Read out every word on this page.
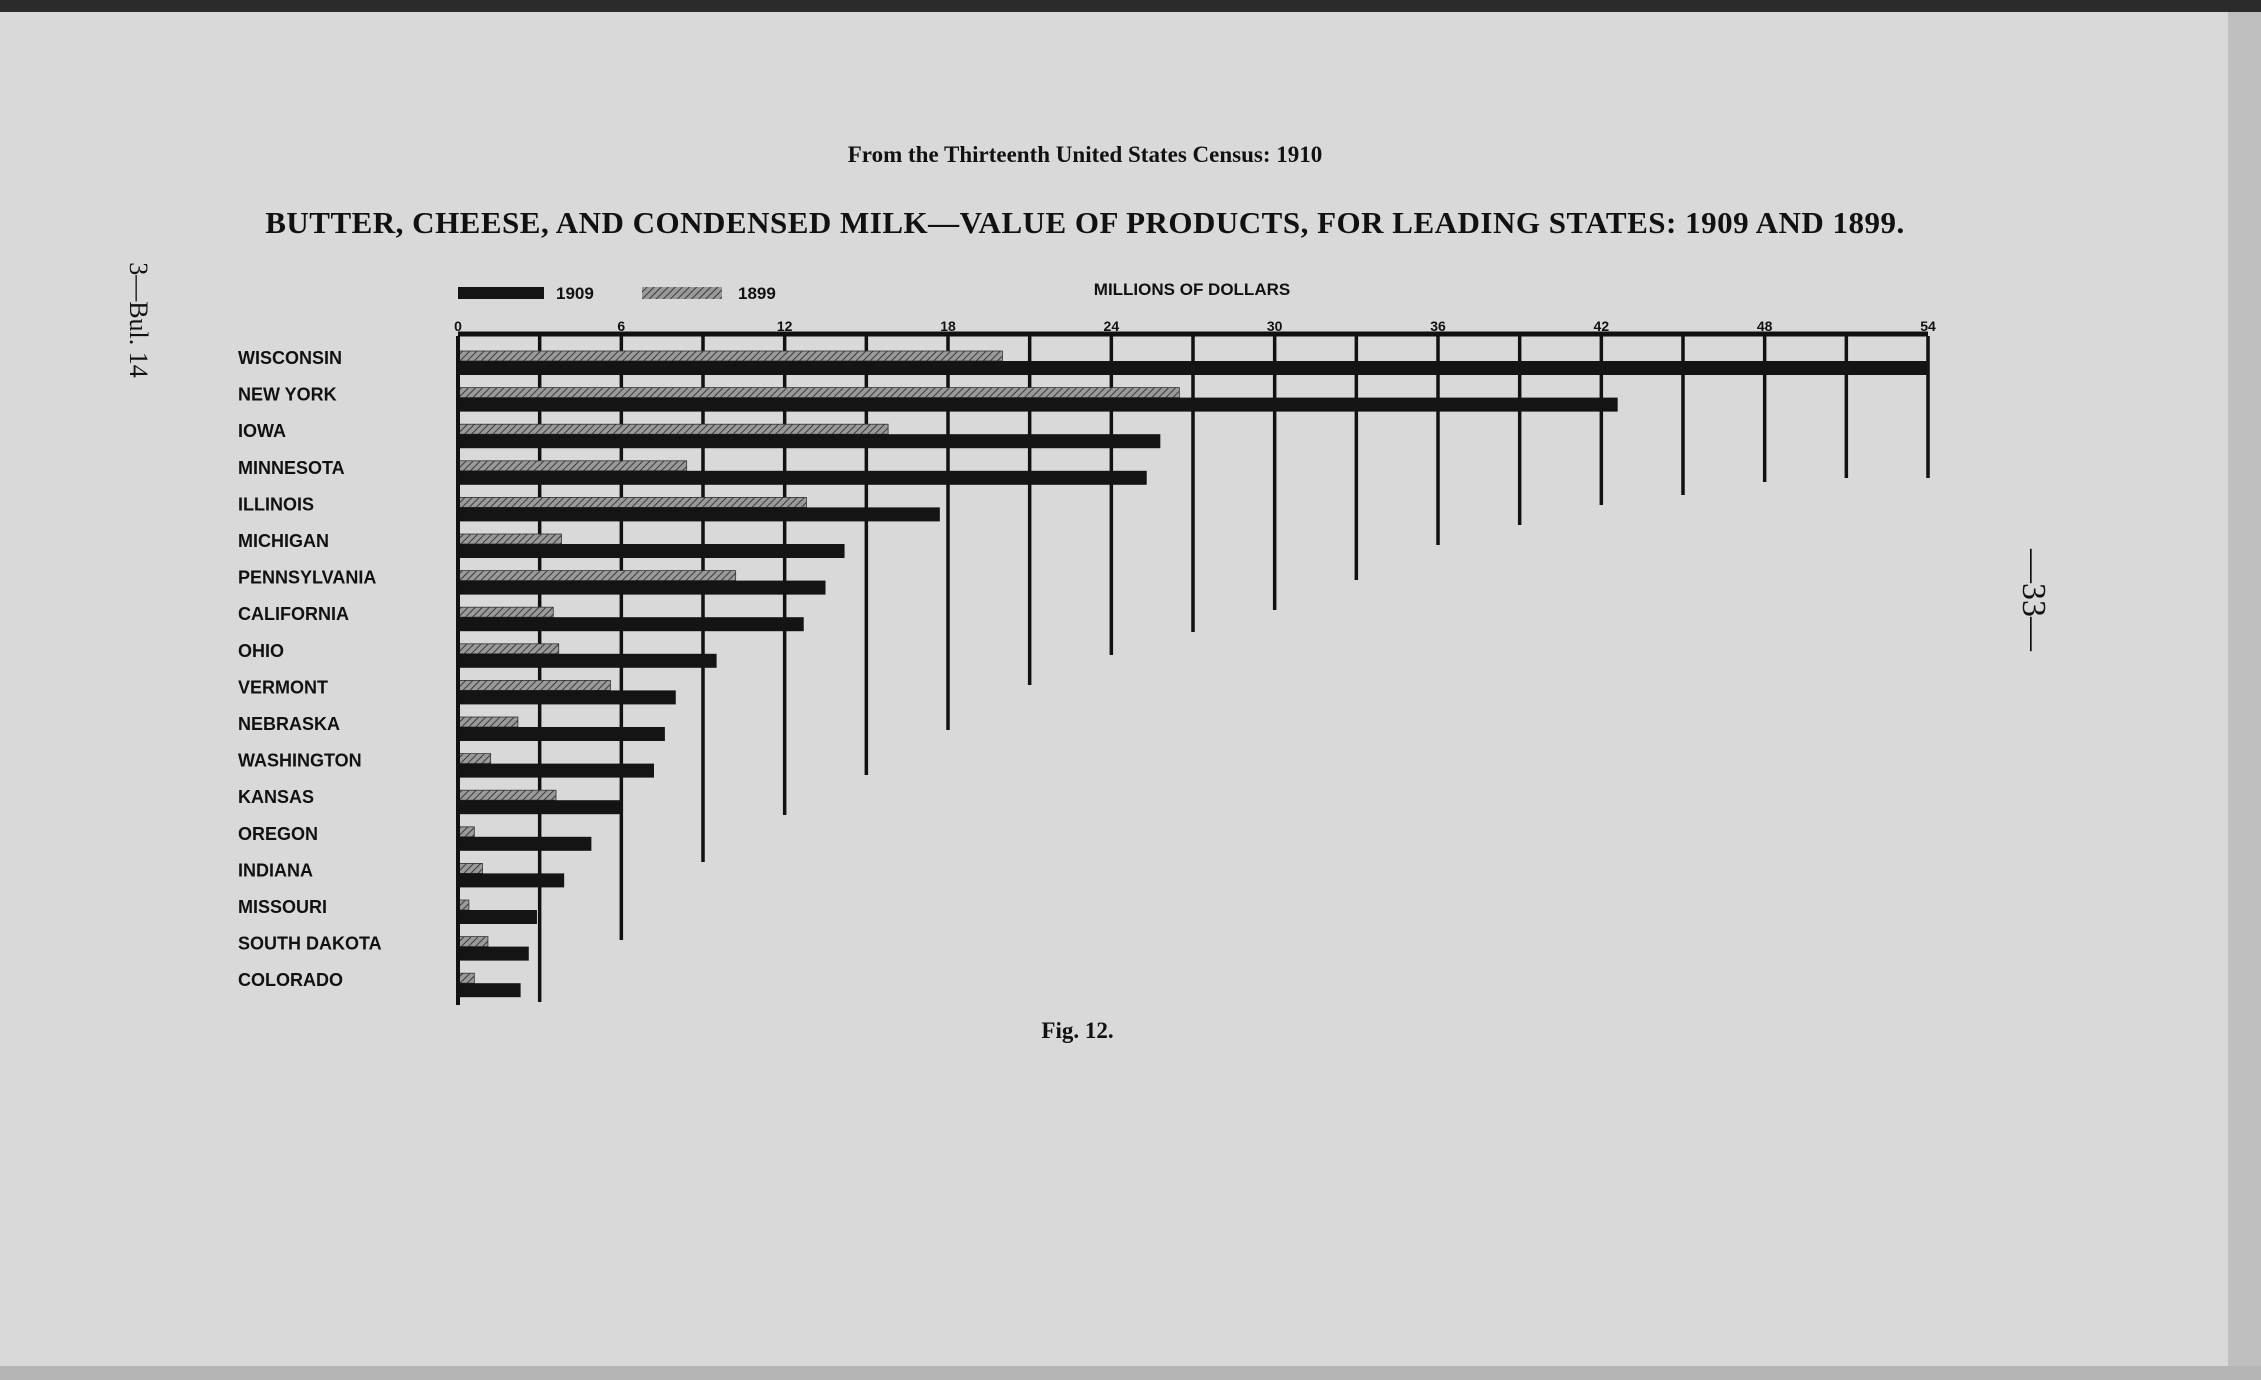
From the Thirteenth United States Census: 1910
BUTTER, CHEESE, AND CONDENSED MILK—VALUE OF PRODUCTS, FOR LEADING STATES: 1909 AND 1899.
3—Bul. 14
—33—
0	6	12	18	24	30	36	42	48	54
MILLIONS OF DOLLARS
1909	1899
WISCONSIN
NEW YORK
IOWA
MINNESOTA
ILLINOIS
MICHIGAN
PENNSYLVANIA
CALIFORNIA
OHIO
VERMONT
NEBRASKA
WASHINGTON
KANSAS
OREGON
INDIANA
MISSOURI
SOUTH DAKOTA
COLORADO
Fig. 12.
